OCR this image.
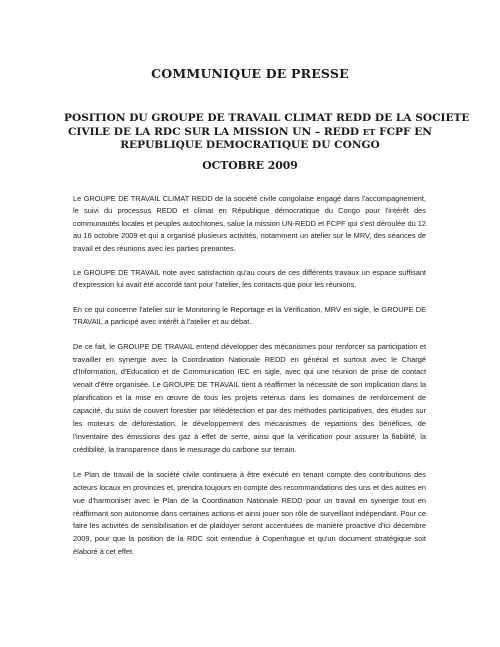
COMMUNIQUE DE PRESSE
POSITION DU GROUPE DE TRAVAIL CLIMAT REDD DE LA SOCIETE
CIVILE DE LA RDC SUR LA MISSION UN – REDD ET FCPF EN
REPUBLIQUE DEMOCRATIQUE DU CONGO
OCTOBRE 2009

Le GROUPE DE TRAVAIL CLIMAT REDD de la société civile congolaise engagé dans l'accompagnement, le suivi du processus REDD et climat en République démocratique du Congo pour l'intérêt des communautés locales et peuples autochtones, salue la mission UN-REDD et FCPF qui s'est déroulée du 12 au 16 octobre 2009 et qui a organisé plusieurs activités, notamment un atelier sur le MRV, des séances de travail et des réunions avec les parties prenantes.

Le GROUPE DE TRAVAIL note avec satisfaction qu'au cours de ces différents travaux un espace suffisant d'expression lui avait été accordé tant pour l'atelier, les contacts que pour les réunions.

En ce qui concerne l'atelier sur le Monitoring le Reportage et la Vérification, MRV en sigle, le GROUPE DE TRAVAIL a participé avec intérêt à l'atelier et au débat.

De ce fait, le GROUPE DE TRAVAIL entend développer des mécanismes pour renforcer sa participation et travailler en synergie avec la Coordination Nationale REDD en général et surtout avec le Chargé d'Information, d'Education et de Communication IEC en sigle, avec qui une réunion de prise de contact venait d'être organisée. Le GROUPE DE TRAVAIL tient à réaffirmer la nécessité de son implication dans la planification et la mise en œuvre de tous les projets retenus dans les domaines de renforcement de capacité, du suivi de couvert forestier par télédétection et par des méthodes participatives, des études sur les moteurs de déforestation, le développement des mécanismes de repartions des bénéfices, de l'inventaire des émissions des gaz à effet de serre, ainsi que la vérification pour assurer la fiabilité, la crédibilité, la transparence dans le mesurage du carbone sur terrain.

Le Plan de travail de la société civile continuera à être exécuté en tenant compte des contributions des acteurs locaux en provinces et, prendra toujours en compte des recommandations des uns et des autres en vue d'harmoniser avec le Plan de la Coordination Nationale REDD pour un travail en synergie tout en réaffirmant son autonomie dans certaines actions et ainsi jouer son rôle de surveillant indépendant. Pour ce faire les activités de sensibilisation et de plaidoyer seront accentuées de manière proactive d'ici décembre 2009, pour que la position de la RDC soit entendue à Copenhague et qu'un document stratégique soit élaboré à cet effet.
